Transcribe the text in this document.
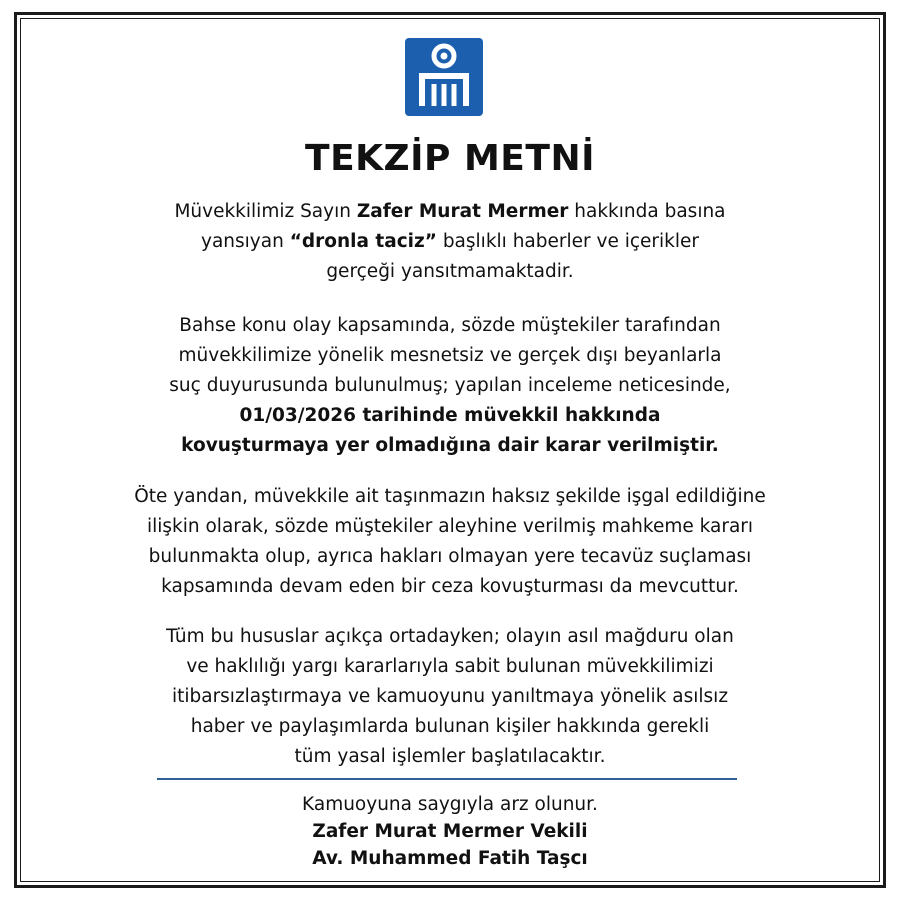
TEKZİP METNİ
Müvekkilimiz Sayın Zafer Murat Mermer hakkında basına
yansıyan “dronla taciz” başlıklı haberler ve içerikler
gerçeği yansıtmamaktadir.
Bahse konu olay kapsamında, sözde müştekiler tarafından
müvekkilimize yönelik mesnetsiz ve gerçek dışı beyanlarla
suç duyurusunda bulunulmuş; yapılan inceleme neticesinde,
01/03/2026 tarihinde müvekkil hakkında
kovuşturmaya yer olmadığına dair karar verilmiştir.
Öte yandan, müvekkile ait taşınmazın haksız şekilde işgal edildiğine
ilişkin olarak, sözde müştekiler aleyhine verilmiş mahkeme kararı
bulunmakta olup, ayrıca hakları olmayan yere tecavüz suçlaması
kapsamında devam eden bir ceza kovuşturması da mevcuttur.
Tüm bu hususlar açıkça ortadayken; olayın asıl mağduru olan
ve haklılığı yargı kararlarıyla sabit bulunan müvekkilimizi
itibarsızlaştırmaya ve kamuoyunu yanıltmaya yönelik asılsız
haber ve paylaşımlarda bulunan kişiler hakkında gerekli
tüm yasal işlemler başlatılacaktır.
Kamuoyuna saygıyla arz olunur.
Zafer Murat Mermer Vekili
Av. Muhammed Fatih Taşcı
